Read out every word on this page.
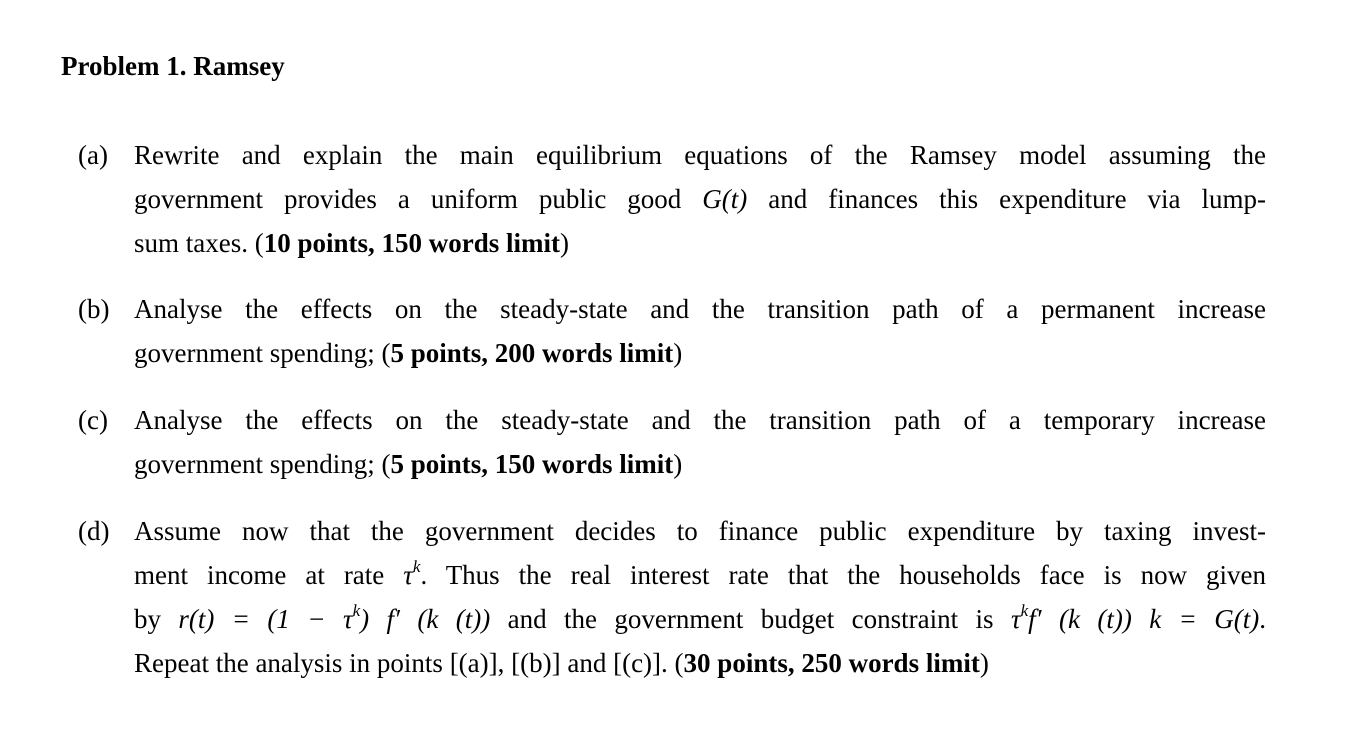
Problem 1. Ramsey
(a) Rewrite and explain the main equilibrium equations of the Ramsey model assuming the
government provides a uniform public good G(t) and finances this expenditure via lump-
sum taxes. (10 points, 150 words limit)
(b) Analyse the effects on the steady-state and the transition path of a permanent increase
government spending; (5 points, 200 words limit)
(c) Analyse the effects on the steady-state and the transition path of a temporary increase
government spending; (5 points, 150 words limit)
(d) Assume now that the government decides to finance public expenditure by taxing invest-
ment income at rate $\tau^k$. Thus the real interest rate that the households face is now given
by $r(t) = (1 - \tau^k)$ f′ (k (t)) and the government budget constraint is $\tau^kf'$ (k (t)) k = G(t).
Repeat the analysis in points [(a)], [(b)] and [(c)]. (30 points, 250 words limit)
